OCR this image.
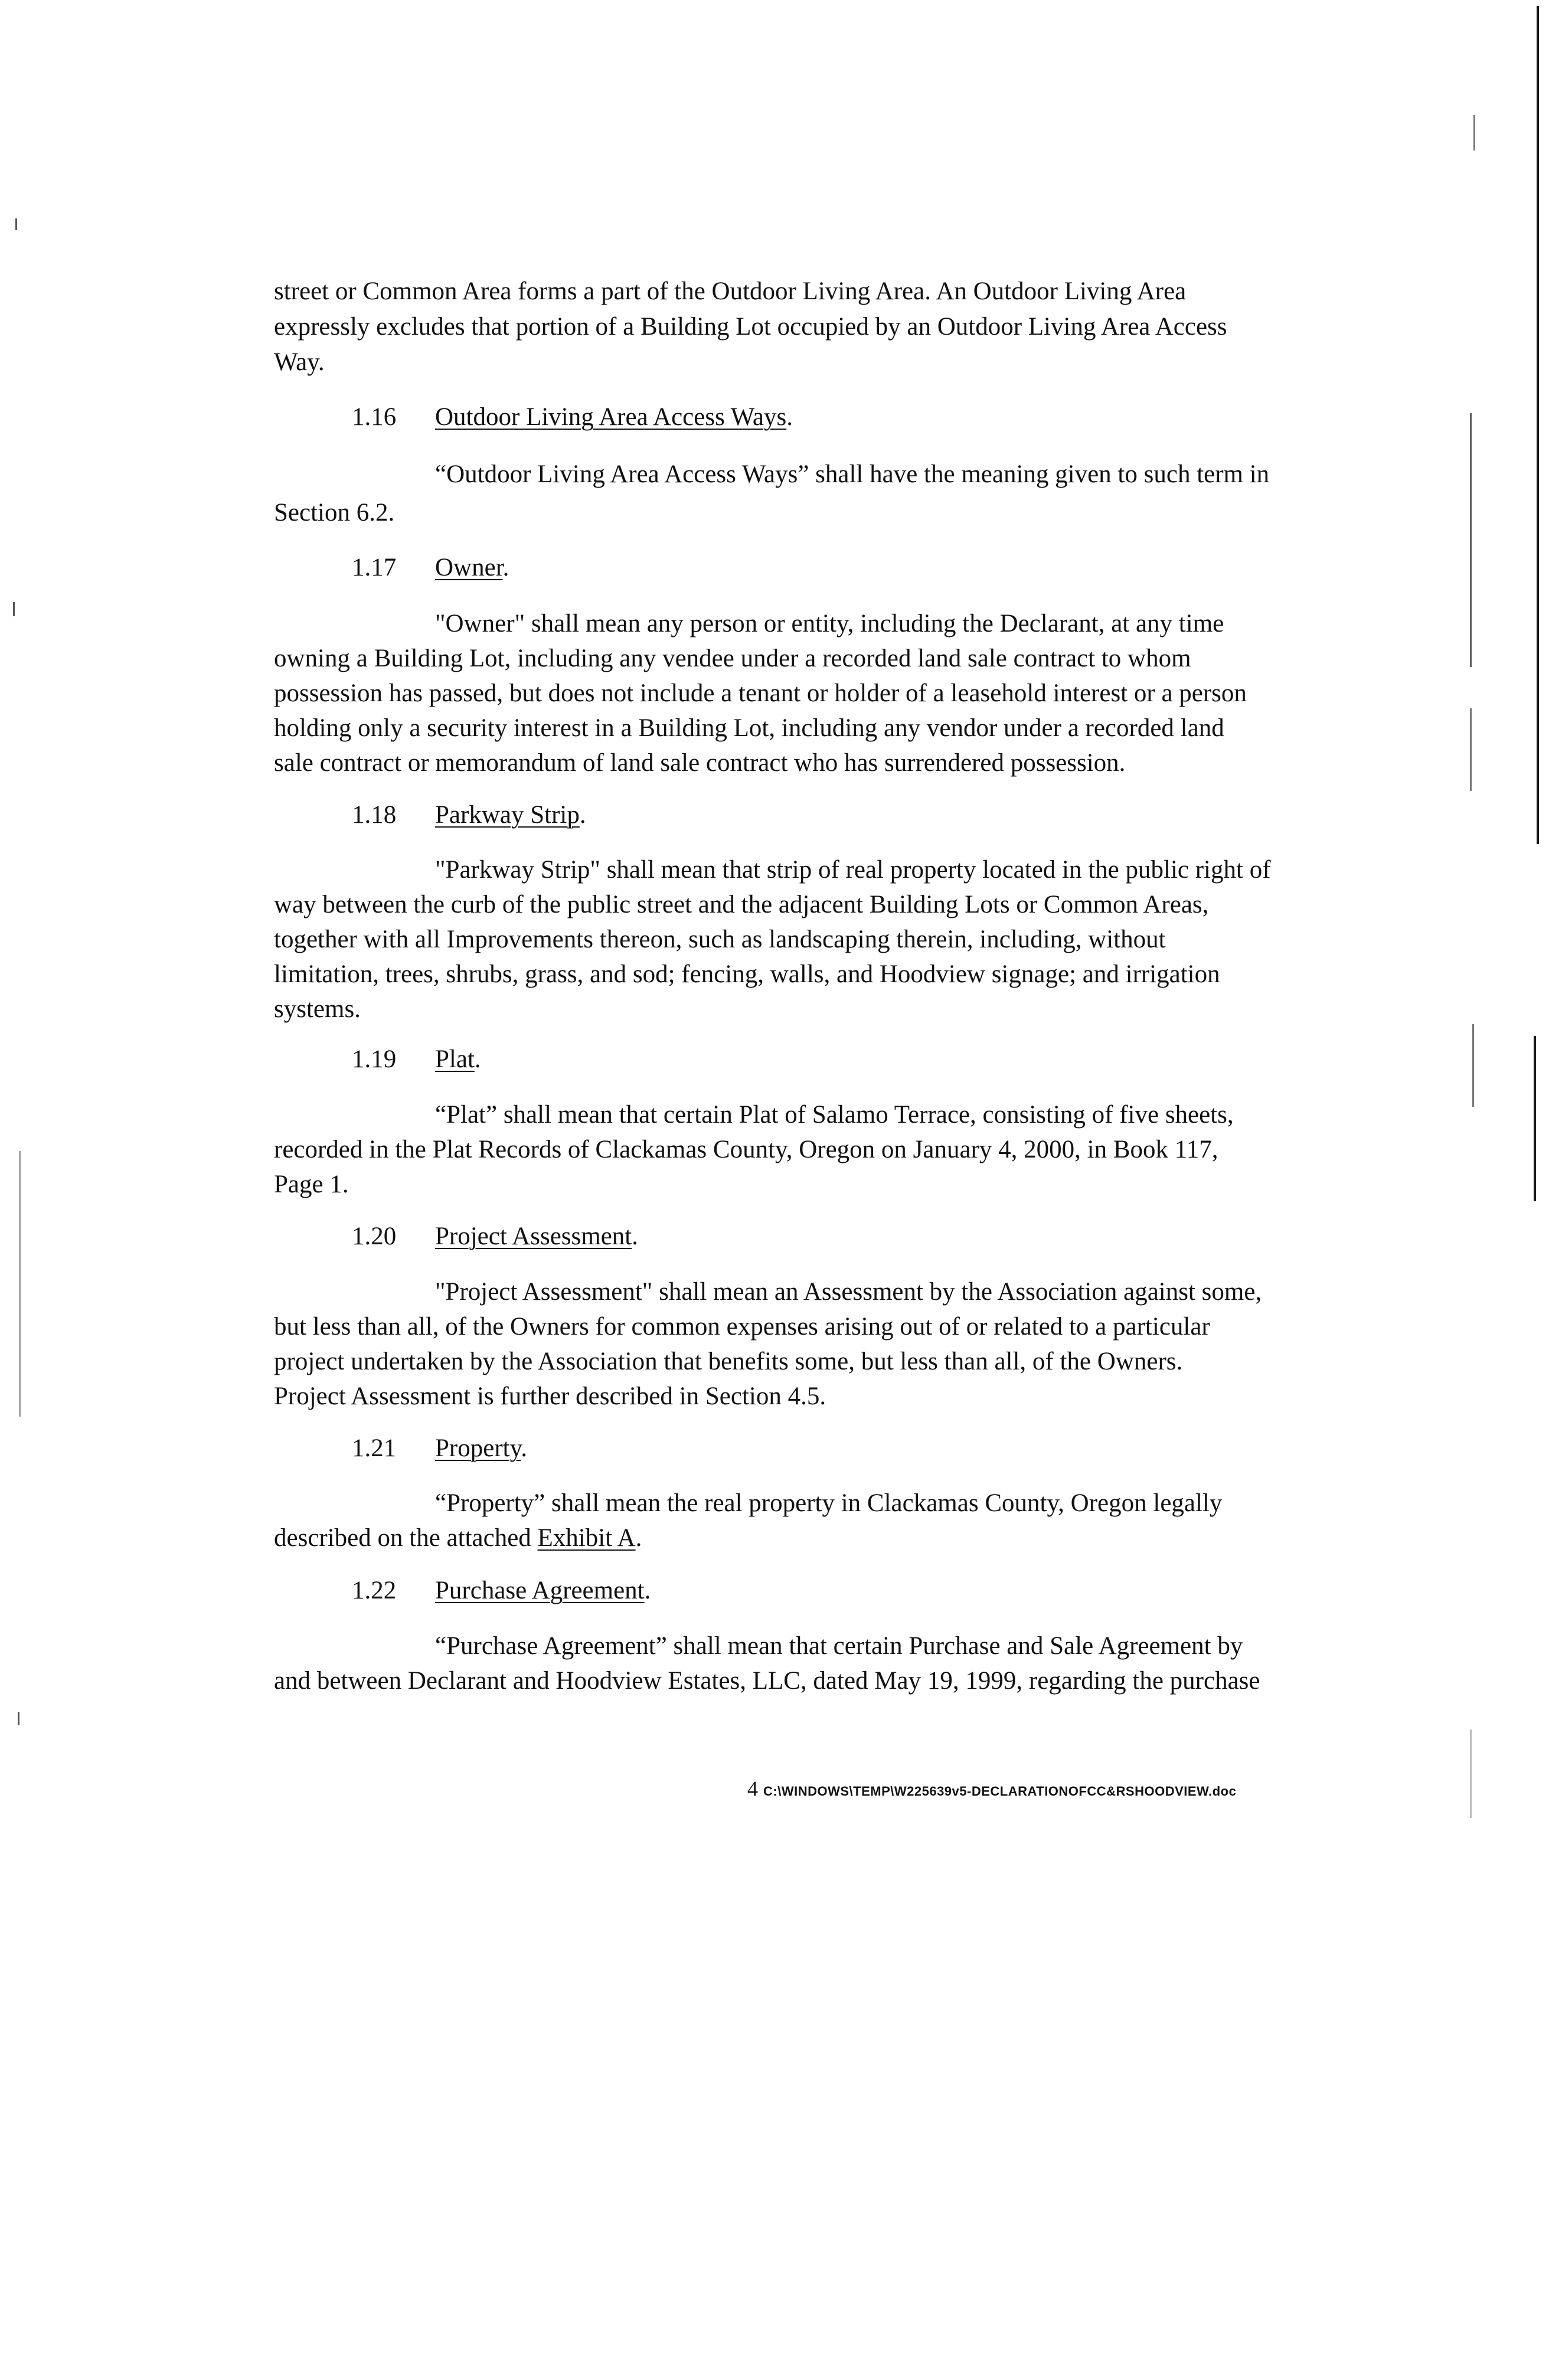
street or Common Area forms a part of the Outdoor Living Area. An Outdoor Living Area
expressly excludes that portion of a Building Lot occupied by an Outdoor Living Area Access
Way.
1.16 Outdoor Living Area Access Ways.
“Outdoor Living Area Access Ways” shall have the meaning given to such term in
Section 6.2.
1.17 Owner.
"Owner" shall mean any person or entity, including the Declarant, at any time
owning a Building Lot, including any vendee under a recorded land sale contract to whom
possession has passed, but does not include a tenant or holder of a leasehold interest or a person
holding only a security interest in a Building Lot, including any vendor under a recorded land
sale contract or memorandum of land sale contract who has surrendered possession.
1.18 Parkway Strip.
"Parkway Strip" shall mean that strip of real property located in the public right of
way between the curb of the public street and the adjacent Building Lots or Common Areas,
together with all Improvements thereon, such as landscaping therein, including, without
limitation, trees, shrubs, grass, and sod; fencing, walls, and Hoodview signage; and irrigation
systems.
1.19 Plat.
“Plat” shall mean that certain Plat of Salamo Terrace, consisting of five sheets,
recorded in the Plat Records of Clackamas County, Oregon on January 4, 2000, in Book 117,
Page 1.
1.20 Project Assessment.
"Project Assessment" shall mean an Assessment by the Association against some,
but less than all, of the Owners for common expenses arising out of or related to a particular
project undertaken by the Association that benefits some, but less than all, of the Owners.
Project Assessment is further described in Section 4.5.
1.21 Property.
“Property” shall mean the real property in Clackamas County, Oregon legally
described on the attached Exhibit A.
1.22 Purchase Agreement.
“Purchase Agreement” shall mean that certain Purchase and Sale Agreement by
and between Declarant and Hoodview Estates, LLC, dated May 19, 1999, regarding the purchase
4 C:\WINDOWS\TEMP\W225639v5-DECLARATIONOFCC&RSHOODVIEW.doc
